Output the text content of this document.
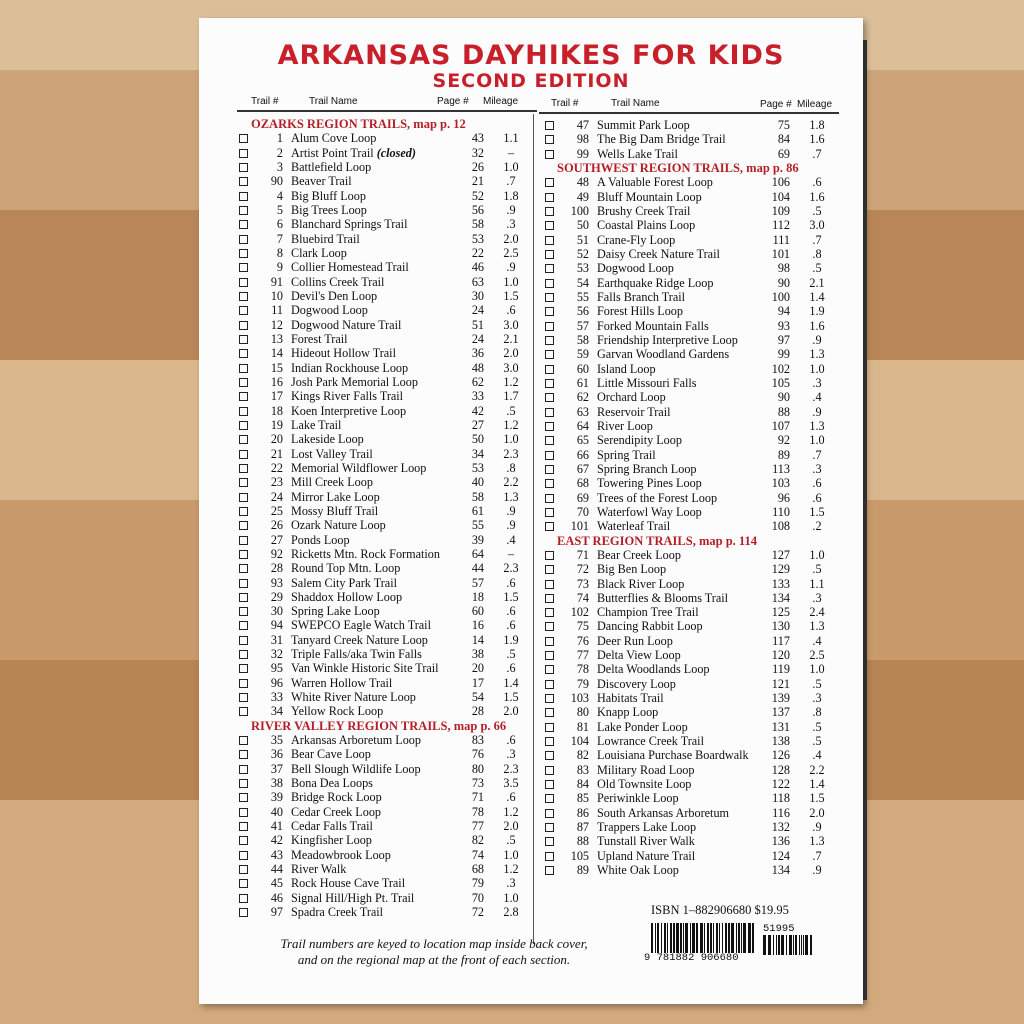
ARKANSAS DAYHIKES FOR KIDS
SECOND EDITION
Trail #	Trail Name	Page # Mileage	Trail #	Trail Name	Page # Mileage
OZARKS REGION TRAILS, map p. 12
1 Alum Cove Loop	43	1.1
2 Artist Point Trail (closed)	32	–
3 Battlefield Loop	26	1.0
90 Beaver Trail	21	.7
4 Big Bluff Loop	52	1.8
5 Big Trees Loop	56	.9
6 Blanchard Springs Trail	58	.3
7 Bluebird Trail	53	2.0
8 Clark Loop	22	2.5
9 Collier Homestead Trail	46	.9
91 Collins Creek Trail	63	1.0
10 Devil's Den Loop	30	1.5
11 Dogwood Loop	24	.6
12 Dogwood Nature Trail	51	3.0
13 Forest Trail	24	2.1
14 Hideout Hollow Trail	36	2.0
15 Indian Rockhouse Loop	48	3.0
16 Josh Park Memorial Loop	62	1.2
17 Kings River Falls Trail	33	1.7
18 Koen Interpretive Loop	42	.5
19 Lake Trail	27	1.2
20 Lakeside Loop	50	1.0
21 Lost Valley Trail	34	2.3
22 Memorial Wildflower Loop	53	.8
23 Mill Creek Loop	40	2.2
24 Mirror Lake Loop	58	1.3
25 Mossy Bluff Trail	61	.9
26 Ozark Nature Loop	55	.9
27 Ponds Loop	39	.4
92 Ricketts Mtn. Rock Formation	64	–
28 Round Top Mtn. Loop	44	2.3
93 Salem City Park Trail	57	.6
29 Shaddox Hollow Loop	18	1.5
30 Spring Lake Loop	60	.6
94 SWEPCO Eagle Watch Trail	16	.6
31 Tanyard Creek Nature Loop	14	1.9
32 Triple Falls/aka Twin Falls	38	.5
95 Van Winkle Historic Site Trail	20	.6
96 Warren Hollow Trail	17	1.4
33 White River Nature Loop	54	1.5
34 Yellow Rock Loop	28	2.0
RIVER VALLEY REGION TRAILS, map p. 66
35 Arkansas Arboretum Loop	83	.6
36 Bear Cave Loop	76	.3
37 Bell Slough Wildlife Loop	80	2.3
38 Bona Dea Loops	73	3.5
39 Bridge Rock Loop	71	.6
40 Cedar Creek Loop	78	1.2
41 Cedar Falls Trail	77	2.0
42 Kingfisher Loop	82	.5
43 Meadowbrook Loop	74	1.0
44 River Walk	68	1.2
45 Rock House Cave Trail	79	.3
46 Signal Hill/High Pt. Trail	70	1.0
97 Spadra Creek Trail	72	2.8
47 Summit Park Loop	75	1.8
98 The Big Dam Bridge Trail	84	1.6
99 Wells Lake Trail	69	.7
SOUTHWEST REGION TRAILS, map p. 86
48 A Valuable Forest Loop	106	.6
49 Bluff Mountain Loop	104	1.6
100 Brushy Creek Trail	109	.5
50 Coastal Plains Loop	112	3.0
51 Crane-Fly Loop	111	.7
52 Daisy Creek Nature Trail	101	.8
53 Dogwood Loop	98	.5
54 Earthquake Ridge Loop	90	2.1
55 Falls Branch Trail	100	1.4
56 Forest Hills Loop	94	1.9
57 Forked Mountain Falls	93	1.6
58 Friendship Interpretive Loop	97	.9
59 Garvan Woodland Gardens	99	1.3
60 Island Loop	102	1.0
61 Little Missouri Falls	105	.3
62 Orchard Loop	90	.4
63 Reservoir Trail	88	.9
64 River Loop	107	1.3
65 Serendipity Loop	92	1.0
66 Spring Trail	89	.7
67 Spring Branch Loop	113	.3
68 Towering Pines Loop	103	.6
69 Trees of the Forest Loop	96	.6
70 Waterfowl Way Loop	110	1.5
101 Waterleaf Trail	108	.2
EAST REGION TRAILS, map p. 114
71 Bear Creek Loop	127	1.0
72 Big Ben Loop	129	.5
73 Black River Loop	133	1.1
74 Butterflies & Blooms Trail	134	.3
102 Champion Tree Trail	125	2.4
75 Dancing Rabbit Loop	130	1.3
76 Deer Run Loop	117	.4
77 Delta View Loop	120	2.5
78 Delta Woodlands Loop	119	1.0
79 Discovery Loop	121	.5
103 Habitats Trail	139	.3
80 Knapp Loop	137	.8
81 Lake Ponder Loop	131	.5
104 Lowrance Creek Trail	138	.5
82 Louisiana Purchase Boardwalk	126	.4
83 Military Road Loop	128	2.2
84 Old Townsite Loop	122	1.4
85 Periwinkle Loop	118	1.5
86 South Arkansas Arboretum	116	2.0
87 Trappers Lake Loop	132	.9
88 Tunstall River Walk	136	1.3
105 Upland Nature Trail	124	.7
89 White Oak Loop	134	.9
ISBN 1–882906680 $19.95
9 781882 906680
51995
Trail numbers are keyed to location map inside back cover,
and on the regional map at the front of each section.
